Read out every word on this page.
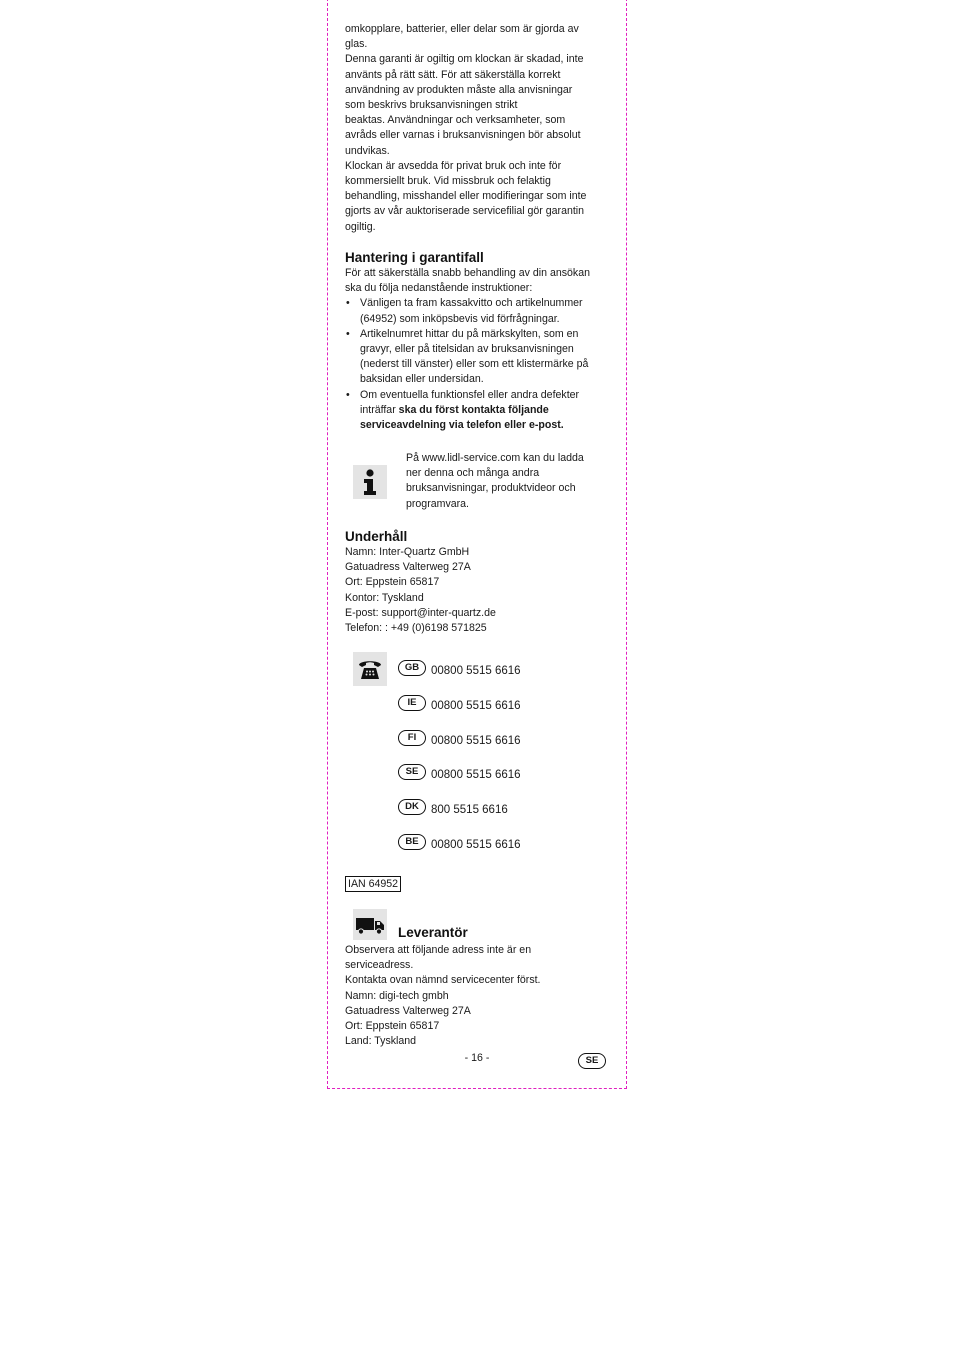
omkopplare, batterier, eller delar som är gjorda av

glas.

Denna garanti är ogiltig om klockan är skadad, inte

använts på rätt sätt. För att säkerställa korrekt

användning av produkten måste alla anvisningar

som beskrivs bruksanvisningen strikt

beaktas. Användningar och verksamheter, som

avråds eller varnas i bruksanvisningen bör absolut

undvikas.

Klockan är avsedda för privat bruk och inte för

kommersiellt bruk. Vid missbruk och felaktig

behandling, misshandel eller modifieringar som inte

gjorts av vår auktoriserade servicefilial gör garantin

ogiltig.

Hantering i garantifall

För att säkerställa snabb behandling av din ansökan

ska du följa nedanstående instruktioner:

• Vänligen ta fram kassakvitto och artikelnummer
(64952) som inköpsbevis vid förfrågningar.
• Artikelnumret hittar du på märkskylten, som en
gravyr, eller på titelsidan av bruksanvisningen
(nederst till vänster) eller som ett klistermärke på
baksidan eller undersidan.
• Om eventuella funktionsfel eller andra defekter
inträffar ska du först kontakta följande
serviceavdelning via telefon eller e-post.

På www.lidl-service.com kan du ladda

ner denna och många andra

bruksanvisningar, produktvideor och

programvara.

Underhåll

Namn: Inter-Quartz GmbH

Gatuadress Valterweg 27A

Ort: Eppstein 65817

Kontor: Tyskland

E-post: support@inter-quartz.de

Telefon: : +49 (0)6198 571825

GB 00800 5515 6616
IE 00800 5515 6616
FI 00800 5515 6616
SE 00800 5515 6616
DK 800 5515 6616
BE 00800 5515 6616
IAN 64952
Leverantör

Observera att följande adress inte är en

serviceadress.

Kontakta ovan nämnd servicecenter först.

Namn: digi-tech gmbh

Gatuadress Valterweg 27A

Ort: Eppstein 65817

Land: Tyskland

- 16 -	SE
